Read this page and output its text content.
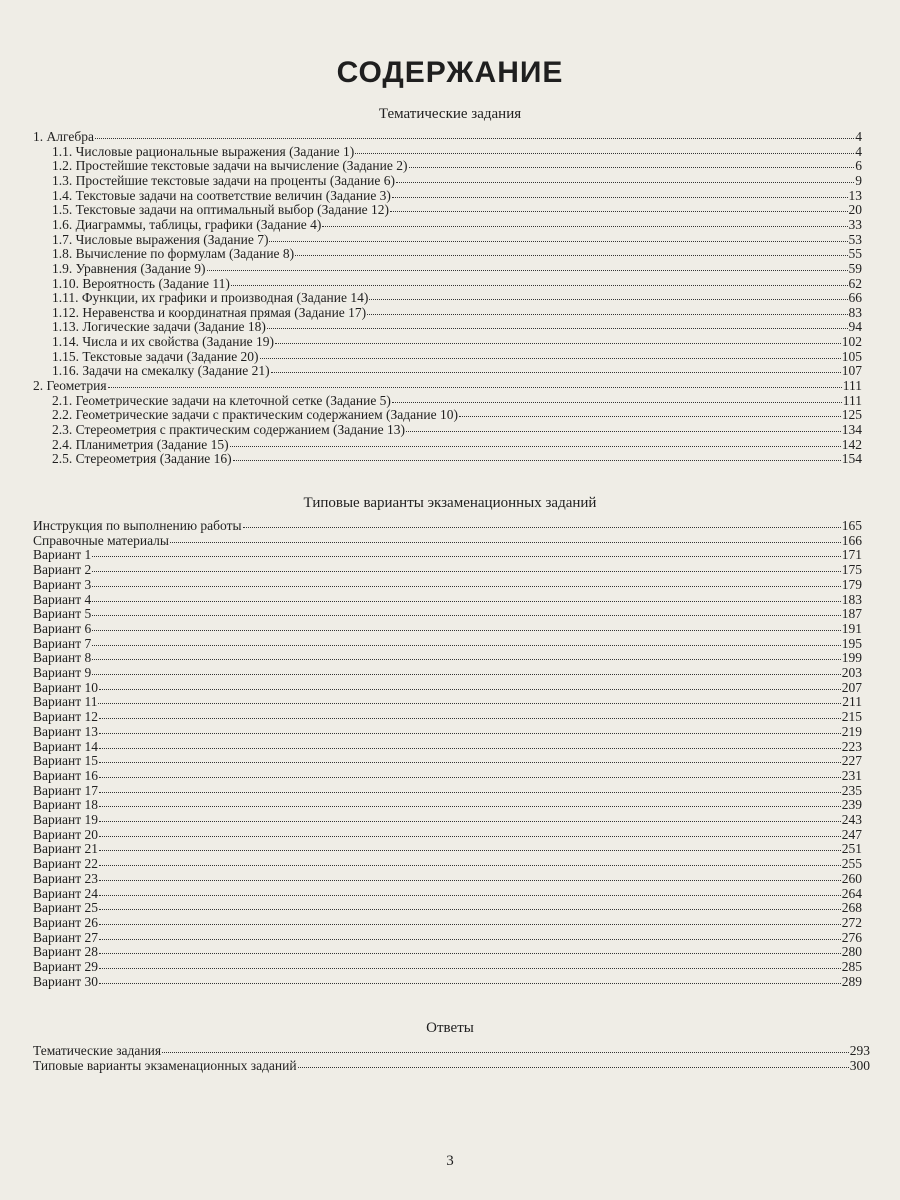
СОДЕРЖАНИЕ
Тематические задания
1. Алгебра	4
1.1. Числовые рациональные выражения (Задание 1)	4
1.2. Простейшие текстовые задачи на вычисление (Задание 2)	6
1.3. Простейшие текстовые задачи на проценты (Задание 6)	9
1.4. Текстовые задачи на соответствие величин (Задание 3)	13
1.5. Текстовые задачи на оптимальный выбор (Задание 12)	20
1.6. Диаграммы, таблицы, графики (Задание 4)	33
1.7. Числовые выражения (Задание 7)	53
1.8. Вычисление по формулам (Задание 8)	55
1.9. Уравнения (Задание 9)	59
1.10. Вероятность (Задание 11)	62
1.11. Функции, их графики и производная (Задание 14)	66
1.12. Неравенства и координатная прямая (Задание 17)	83
1.13. Логические задачи (Задание 18)	94
1.14. Числа и их свойства (Задание 19)	102
1.15. Текстовые задачи (Задание 20)	105
1.16. Задачи на смекалку (Задание 21)	107
2. Геометрия	111
2.1. Геометрические задачи на клеточной сетке (Задание 5)	111
2.2. Геометрические задачи с практическим содержанием (Задание 10)	125
2.3. Стереометрия с практическим содержанием (Задание 13)	134
2.4. Планиметрия (Задание 15)	142
2.5. Стереометрия (Задание 16)	154
Типовые варианты экзаменационных заданий
Инструкция по выполнению работы	165
Справочные материалы	166
Вариант 1	171
Вариант 2	175
Вариант 3	179
Вариант 4	183
Вариант 5	187
Вариант 6	191
Вариант 7	195
Вариант 8	199
Вариант 9	203
Вариант 10	207
Вариант 11	211
Вариант 12	215
Вариант 13	219
Вариант 14	223
Вариант 15	227
Вариант 16	231
Вариант 17	235
Вариант 18	239
Вариант 19	243
Вариант 20	247
Вариант 21	251
Вариант 22	255
Вариант 23	260
Вариант 24	264
Вариант 25	268
Вариант 26	272
Вариант 27	276
Вариант 28	280
Вариант 29	285
Вариант 30	289
Ответы
Тематические задания	293
Типовые варианты экзаменационных заданий	300
3
